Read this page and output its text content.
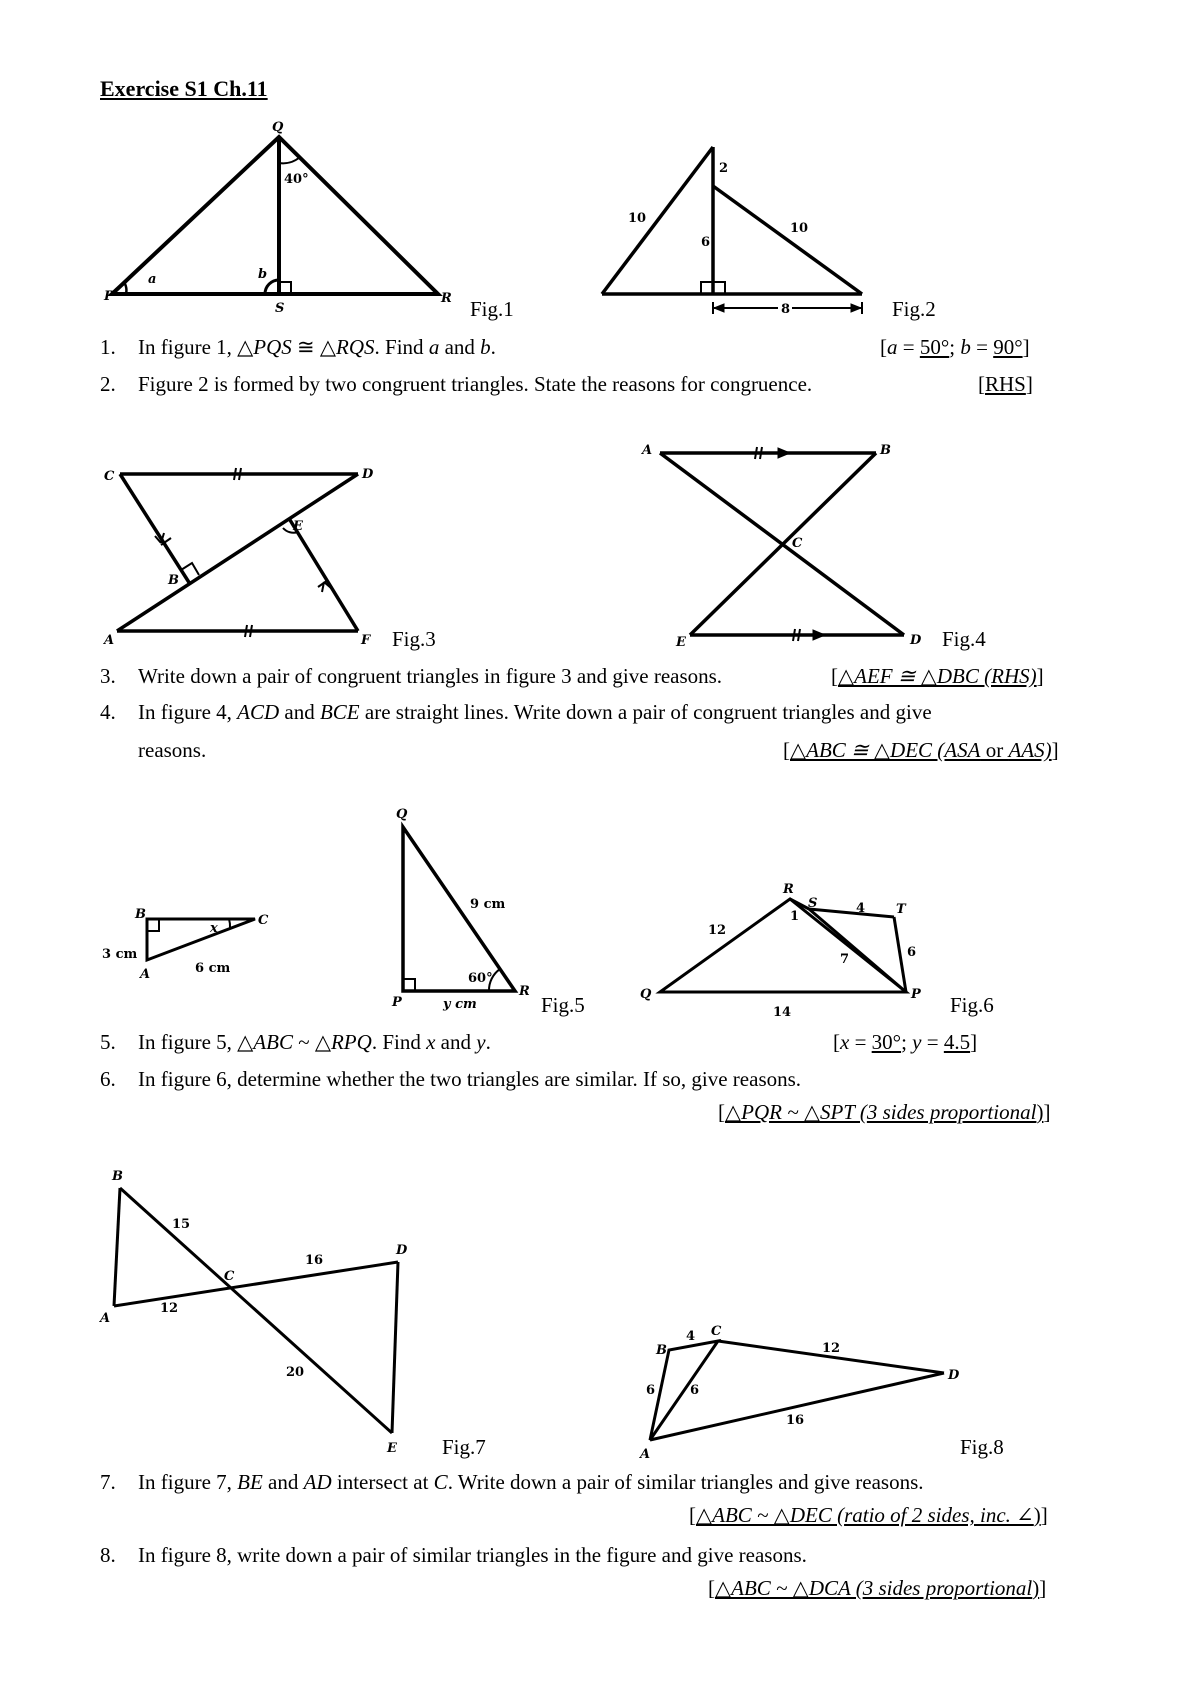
Exercise S1 Ch.11
P
Q
R
S
a	b
40°
Fig.1
10
10
2
6
8	Fig.2
C	D
E
B
A	F Fig.3
A	B
C
E	D Fig.4
B	C
A
x
3 cm
6 cm
Q
P
R
9 cm
60°
y cm	Fig.5
R
S	T
Q	P
12
14
1
4
7	6
Fig.6
B
A
C
D
E
15
16
12
20
Fig.7
B
C
D
A
4
12
6	6
16
Fig.8
1. In figure 1, △PQS ≅ △RQS. Find a and b.	[a = 50°; b = 90°]
2. Figure 2 is formed by two congruent triangles. State the reasons for congruence.	[RHS]
3. Write down a pair of congruent triangles in figure 3 and give reasons.	[△AEF ≅ △DBC (RHS)]
4. In figure 4, ACD and BCE are straight lines. Write down a pair of congruent triangles and give
reasons.	[△ABC ≅ △DEC (ASA or AAS)]
5. In figure 5, △ABC ~ △RPQ. Find x and y.	[x = 30°; y = 4.5]
6. In figure 6, determine whether the two triangles are similar. If so, give reasons.
[△PQR ~ △SPT (3 sides proportional)]
7. In figure 7, BE and AD intersect at C. Write down a pair of similar triangles and give reasons.
[△ABC ~ △DEC (ratio of 2 sides, inc. ∠)]
8. In figure 8, write down a pair of similar triangles in the figure and give reasons.
[△ABC ~ △DCA (3 sides proportional)]
